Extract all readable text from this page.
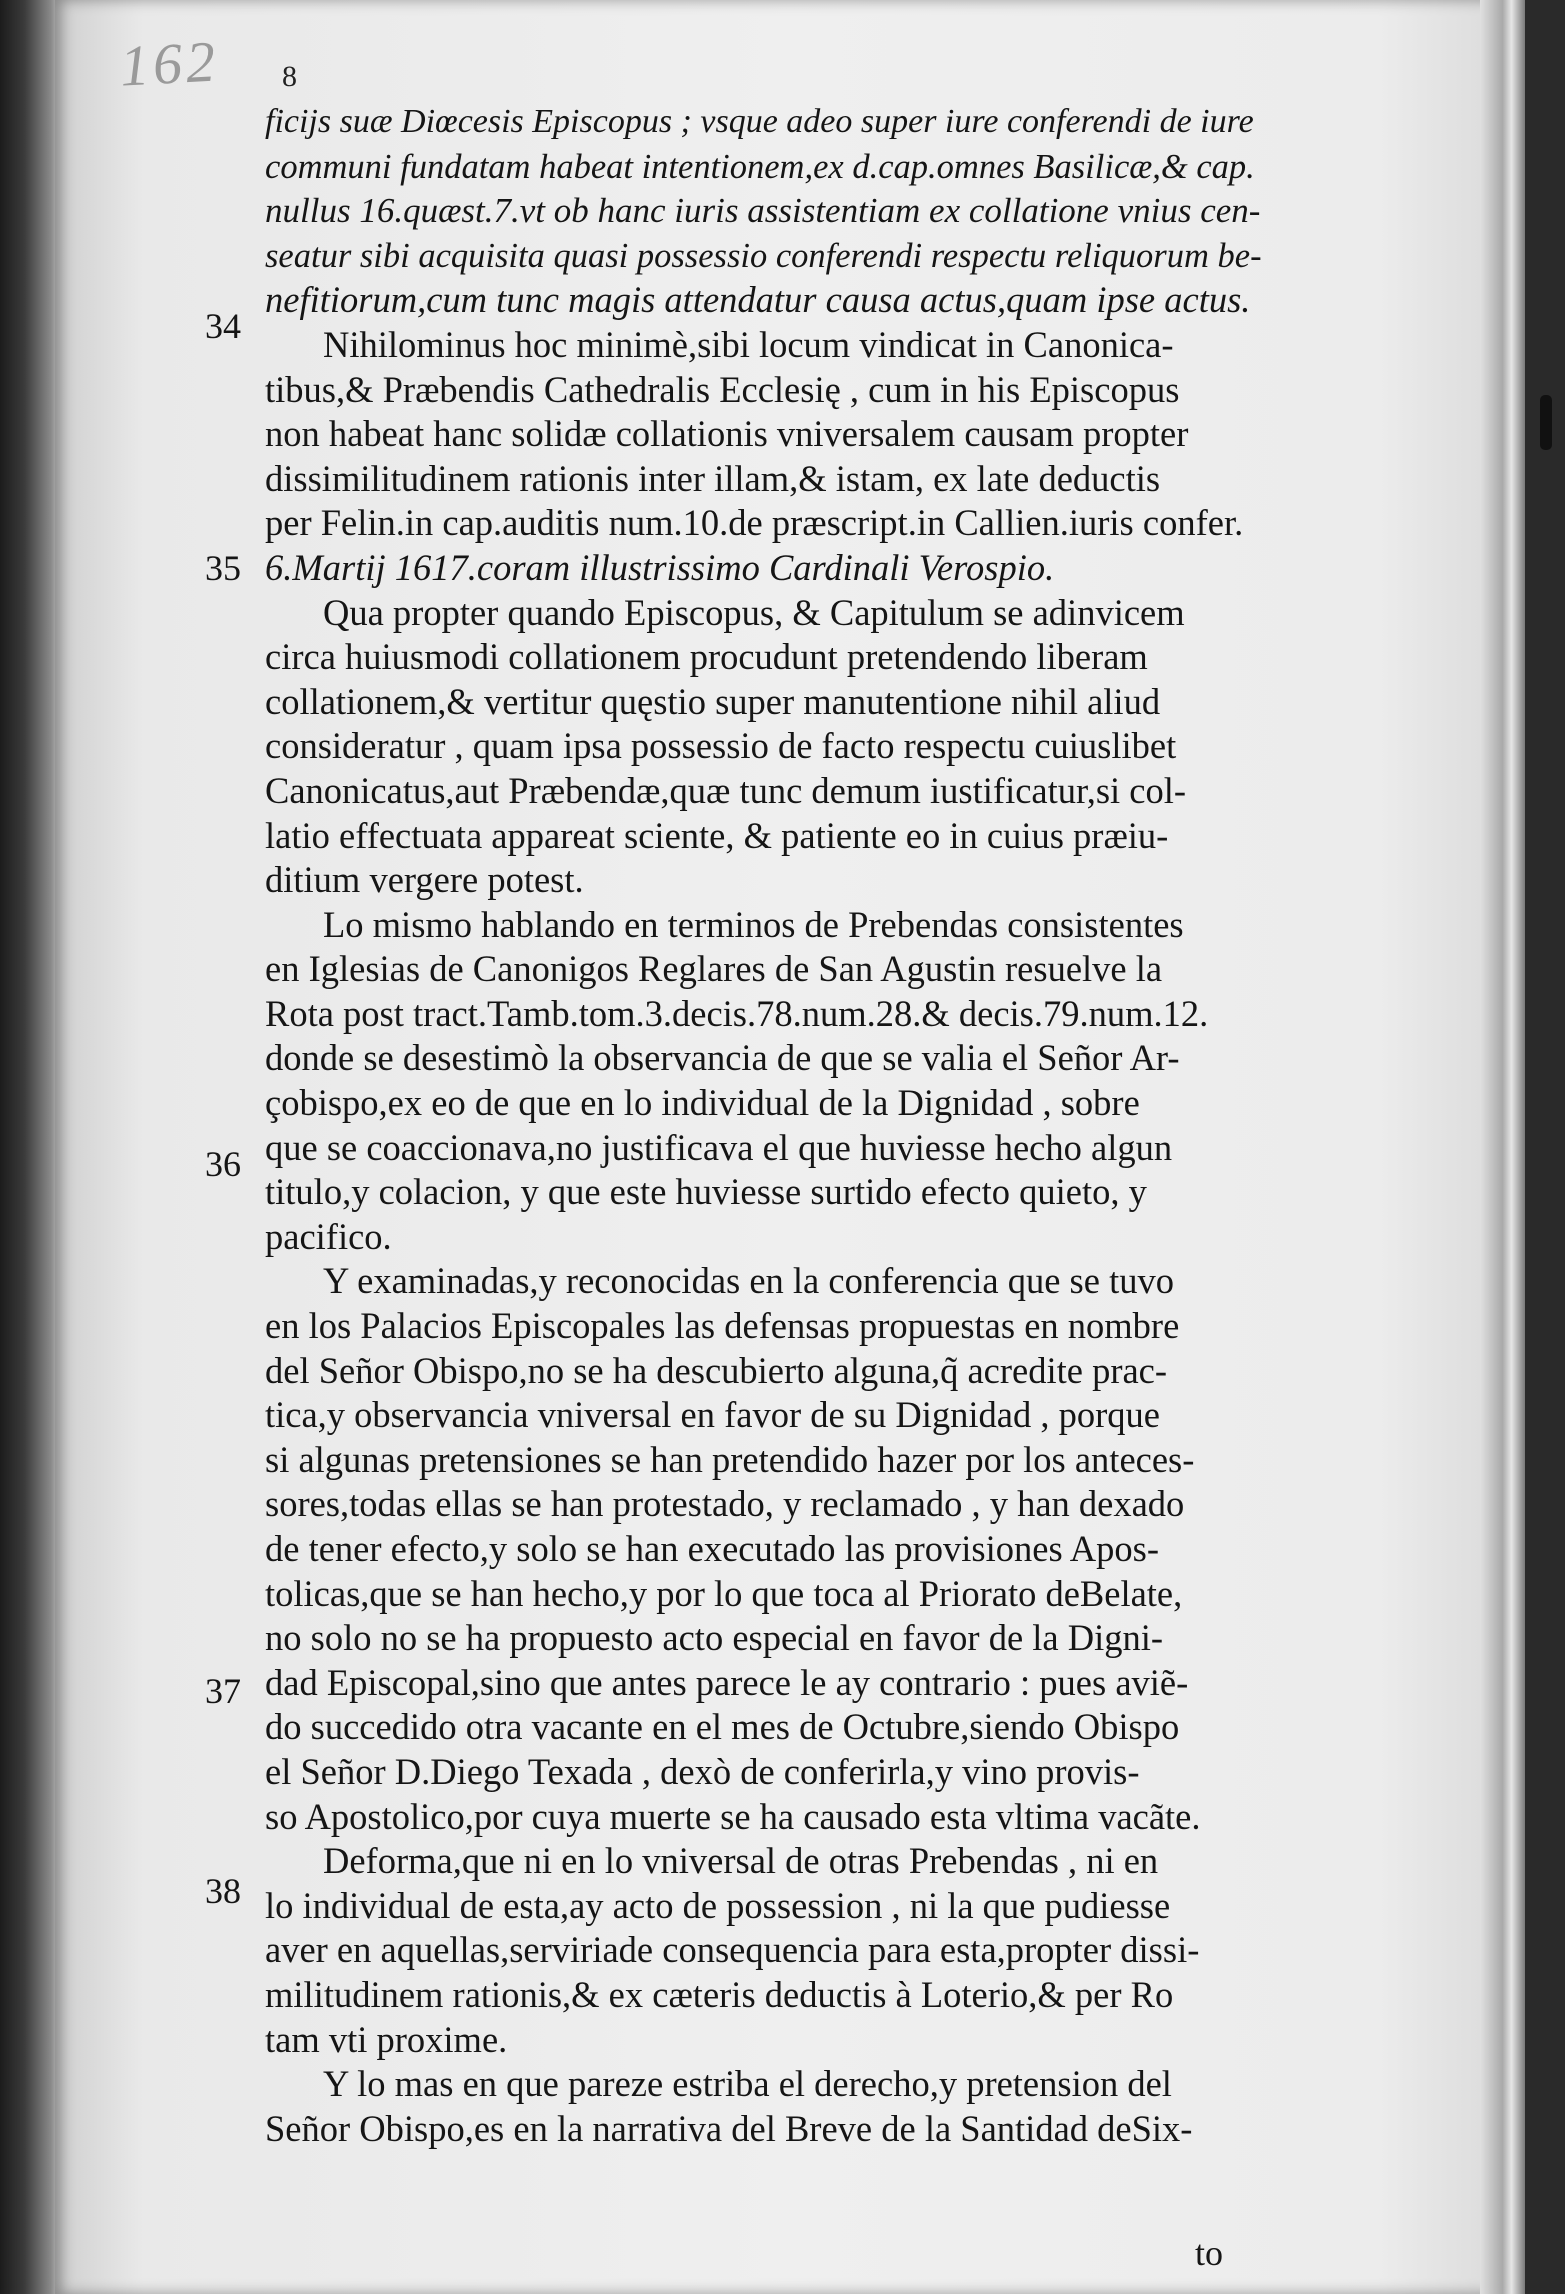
162 8
34
35
36
37
38
ficijs suæ Diœcesis Episcopus ; vsque adeo super iure conferendi de iure
communi fundatam habeat intentionem,ex d.cap.omnes Basilicæ,& cap.
nullus 16.quæst.7.vt ob hanc iuris assistentiam ex collatione vnius cen-
seatur sibi acquisita quasi possessio conferendi respectu reliquorum be-
nefitiorum,cum tunc magis attendatur causa actus,quam ipse actus.
Nihilominus hoc minimè,sibi locum vindicat in Canonica-
tibus,& Præbendis Cathedralis Ecclesię , cum in his Episcopus
non habeat hanc solidæ collationis vniversalem causam propter
dissimilitudinem rationis inter illam,& istam, ex late deductis
per Felin.in cap.auditis num.10.de præscript.in Callien.iuris confer.
6.Martij 1617.coram illustrissimo Cardinali Verospio.
Qua propter quando Episcopus, & Capitulum se adinvicem
circa huiusmodi collationem procudunt pretendendo liberam
collationem,& vertitur quęstio super manutentione nihil aliud
consideratur , quam ipsa possessio de facto respectu cuiuslibet
Canonicatus,aut Præbendæ,quæ tunc demum iustificatur,si col-
latio effectuata appareat sciente, & patiente eo in cuius præiu-
ditium vergere potest.
Lo mismo hablando en terminos de Prebendas consistentes
en Iglesias de Canonigos Reglares de San Agustin resuelve la
Rota post tract.Tamb.tom.3.decis.78.num.28.& decis.79.num.12.
donde se desestimò la observancia de que se valia el Señor Ar-
çobispo,ex eo de que en lo individual de la Dignidad , sobre
que se coaccionava,no justificava el que huviesse hecho algun
titulo,y colacion, y que este huviesse surtido efecto quieto, y
pacifico.
Y examinadas,y reconocidas en la conferencia que se tuvo
en los Palacios Episcopales las defensas propuestas en nombre
del Señor Obispo,no se ha descubierto alguna,q̃ acredite prac-
tica,y observancia vniversal en favor de su Dignidad , porque
si algunas pretensiones se han pretendido hazer por los anteces-
sores,todas ellas se han protestado, y reclamado , y han dexado
de tener efecto,y solo se han executado las provisiones Apos-
tolicas,que se han hecho,y por lo que toca al Priorato deBelate,
no solo no se ha propuesto acto especial en favor de la Digni-
dad Episcopal,sino que antes parece le ay contrario : pues aviẽ-
do succedido otra vacante en el mes de Octubre,siendo Obispo
el Señor D.Diego Texada , dexò de conferirla,y vino provis-
so Apostolico,por cuya muerte se ha causado esta vltima vacãte.
Deforma,que ni en lo vniversal de otras Prebendas , ni en
lo individual de esta,ay acto de possession , ni la que pudiesse
aver en aquellas,serviriade consequencia para esta,propter dissi-
militudinem rationis,& ex cæteris deductis à Loterio,& per Ro
tam vti proxime.
Y lo mas en que pareze estriba el derecho,y pretension del
Señor Obispo,es en la narrativa del Breve de la Santidad deSix-
to
